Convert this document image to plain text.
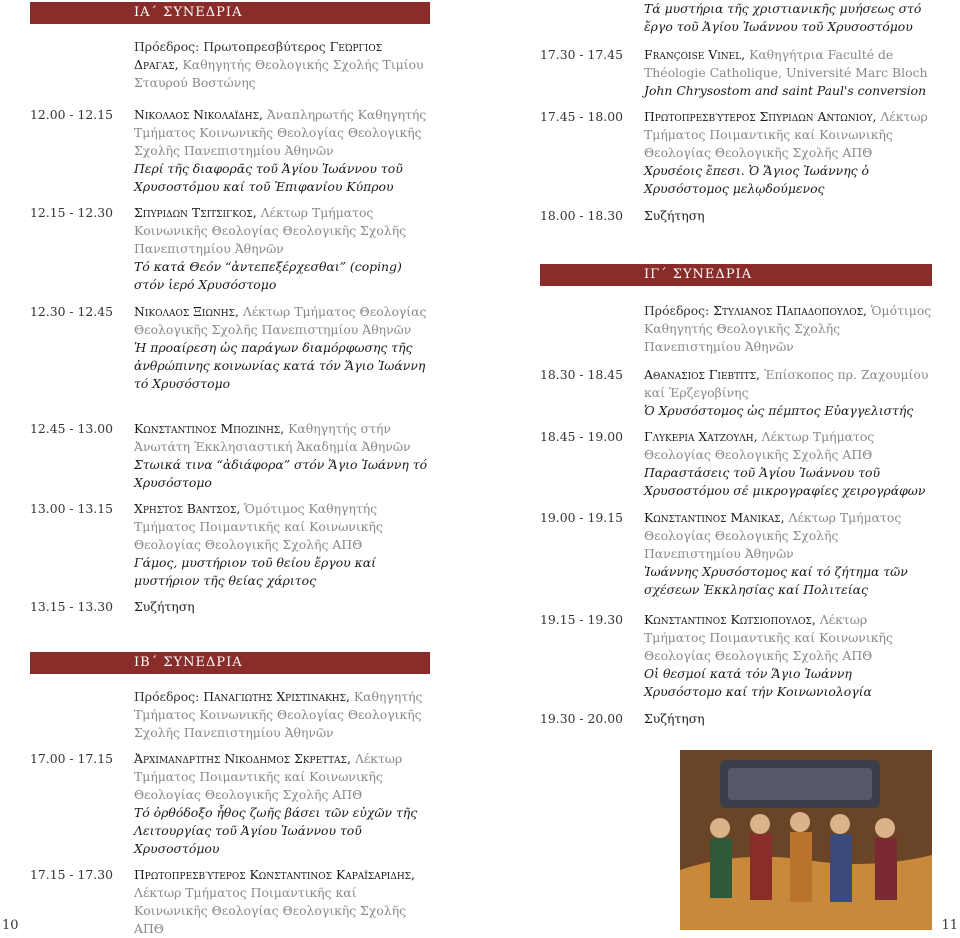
ΙΑ΄ ΣΥΝΕΔΡΙΑ
Πρόεδρος: Πρωτοπρεσβύτερος Γεώργιος Δραγας, Καθηγητής Θεολογικής Σχολής Τιμίου Σταυρού Βοστώνης
12.00 - 12.15	Νικολαος Νικολαϊδης, Ἀναπληρωτής Καθηγητής Τμήματος Κοινωνικῆς Θεολογίας Θεολογικῆς Σχολῆς Πανεπιστημίου Ἀθηνῶν
Περί τῆς διαφορᾶς τοῦ Ἁγίου Ἰωάννου τοῦ Χρυσοστόμου καί τοῦ Ἐπιφανίου Κύπρου
12.15 - 12.30	Σπυριδων Τσιτσιγκος, Λέκτωρ Τμήματος Κοινωνικῆς Θεολογίας Θεολογικῆς Σχολῆς Πανεπιστημίου Ἀθηνῶν
Τό κατά Θεόν “ἀντεπεξέρχεσθαι” (coping) στόν ἱερό Χρυσόστομο
12.30 - 12.45	Νικολαος Ξιωνης, Λέκτωρ Τμήματος Θεολογίας Θεολογικῆς Σχολῆς Πανεπιστημίου Ἀθηνῶν
Ἡ προαίρεση ὡς παράγων διαμόρφωσης τῆς ἀνθρώπινης κοινωνίας κατά τόν Ἅγιο Ἰωάννη τό Χρυσόστομο
12.45 - 13.00	Κωνσταντινος Μποζινης, Καθηγητής στήν Ἀνωτάτη Ἐκκλησιαστική Ἀκαδημία Ἀθηνῶν
Στωικά τινα “ἀδιάφορα” στόν Ἅγιο Ἰωάννη τό Χρυσόστομο
13.00 - 13.15	Χρηστος Βαντσος, Ὁμότιμος Καθηγητής Τμήματος Ποιμαντικῆς καί Κοινωνικῆς Θεολογίας Θεολογικῆς Σχολῆς ΑΠΘ
Γάμος, μυστήριον τοῦ θείου ἔργου καί μυστήριον τῆς θείας χάριτος
13.15 - 13.30	Συζήτηση
ΙΒ΄ ΣΥΝΕΔΡΙΑ
Πρόεδρος: Παναγιωτης Χριστινακης, Καθηγητής Τμήματος Κοινωνικῆς Θεολογίας Θεολογικῆς Σχολῆς Πανεπιστημίου Ἀθηνῶν
17.00 - 17.15	Ἀρχιμανδρίτης Νικοδημος Σκρεττας, Λέκτωρ Τμήματος Ποιμαντικῆς καί Κοινωνικῆς Θεολογίας Θεολογικῆς Σχολῆς ΑΠΘ
Τό ὀρθόδοξο ἦθος ζωῆς βάσει τῶν εὐχῶν τῆς Λειτουργίας τοῦ Ἁγίου Ἰωάννου τοῦ Χρυσοστόμου
17.15 - 17.30	Πρωτοπρεσβύτερος Κωνσταντινος Καραϊσαριδης, Λέκτωρ Τμήματος Ποιμαντικῆς καί Κοινωνικῆς Θεολογίας Θεολογικῆς Σχολῆς ΑΠΘ
10
Τά μυστήρια τῆς χριστιανικῆς μυήσεως στό ἔργο τοῦ Ἁγίου Ἰωάννου τοῦ Χρυσοστόμου
17.30 - 17.45	Françoise Vinel, Καθηγήτρια Faculté de Théologie Catholique, Université Marc Bloch
John Chrysostom and saint Paul's conversion
17.45 - 18.00	Πρωτοπρεσβύτερος Σπυριδων Αντωνιου, Λέκτωρ Τμήματος Ποιμαντικῆς καί Κοινωνικῆς Θεολογίας Θεολογικῆς Σχολῆς ΑΠΘ
Χρυσέοις ἔπεσι. Ὁ Ἅγιος Ἰωάννης ὁ Χρυσόστομος μελῳδούμενος
18.00 - 18.30	Συζήτηση
ΙΓ΄ ΣΥΝΕΔΡΙΑ
Πρόεδρος: Στυλιανος Παπαδοπουλος, Ὁμότιμος Καθηγητής Θεολογικῆς Σχολῆς Πανεπιστημίου Ἀθηνῶν
18.30 - 18.45	Αθανασιος Γιεβτιτς, Ἐπίσκοπος πρ. Ζαχουμίου καί Ἑρζεγοβίνης
Ὁ Χρυσόστομος ὡς πέμπτος Εὐαγγελιστής
18.45 - 19.00	Γλυκερια Χατζουλη, Λέκτωρ Τμήματος Θεολογίας Θεολογικῆς Σχολῆς ΑΠΘ
Παραστάσεις τοῦ Ἁγίου Ἰωάννου τοῦ Χρυσοστόμου σέ μικρογραφίες χειρογράφων
19.00 - 19.15	Κωνσταντινος Μανικας, Λέκτωρ Τμήματος Θεολογίας Θεολογικῆς Σχολῆς Πανεπιστημίου Ἀθηνῶν
Ἰωάννης Χρυσόστομος καί τό ζήτημα τῶν σχέσεων Ἐκκλησίας καί Πολιτείας
19.15 - 19.30	Κωνσταντινος Κωτσιοπουλος, Λέκτωρ Τμήματος Ποιμαντικῆς καί Κοινωνικῆς Θεολογίας Θεολογικῆς Σχολῆς ΑΠΘ
Οἱ θεσμοί κατά τόν Ἅγιο Ἰωάννη Χρυσόστομο καί τήν Κοινωνιολογία
19.30 - 20.00	Συζήτηση
11
